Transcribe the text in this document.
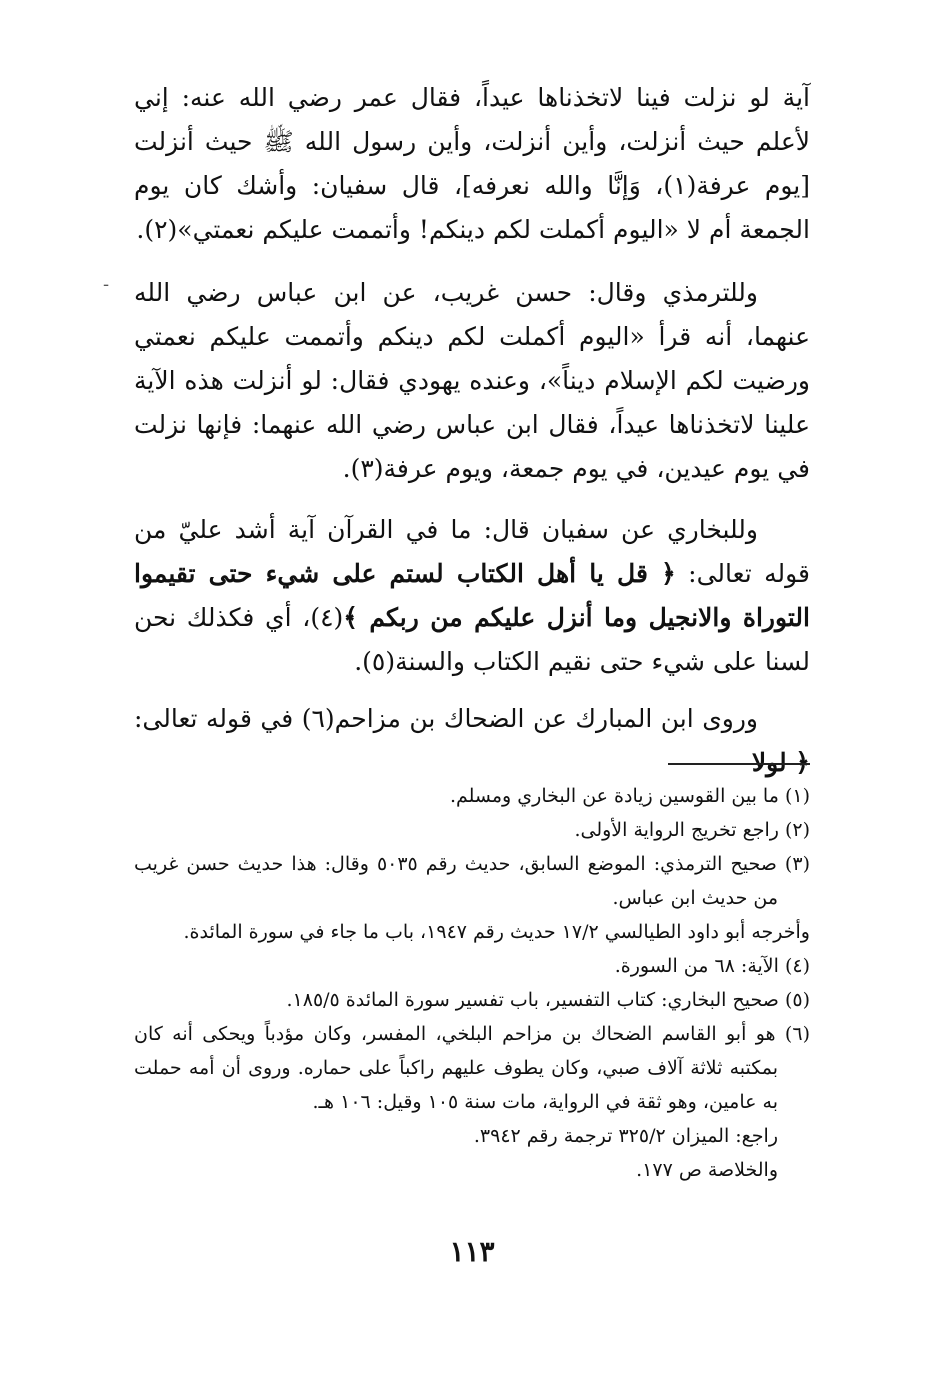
آية لو نزلت فينا لاتخذناها عيداً، فقال عمر رضي الله عنه: إني لأعلم حيث أنزلت، وأين أنزلت، وأين رسول الله ﷺ حيث أنزلت [يوم عرفة(١)، وَإنَّا والله نعرفه]، قال سفيان: وأشك كان يوم الجمعة أم لا «اليوم أكملت لكم دينكم! وأتممت عليكم نعمتي»(٢).

- وللترمذي وقال: حسن غريب، عن ابن عباس رضي الله عنهما، أنه قرأ «اليوم أكملت لكم دينكم وأتممت عليكم نعمتي ورضيت لكم الإسلام ديناً»، وعنده يهودي فقال: لو أنزلت هذه الآية علينا لاتخذناها عيداً، فقال ابن عباس رضي الله عنهما: فإنها نزلت في يوم عيدين، في يوم جمعة، ويوم عرفة(٣).

وللبخاري عن سفيان قال: ما في القرآن آية أشد عليّ من قوله تعالى: ﴿ قل يا أهل الكتاب لستم على شيء حتى تقيموا التوراة والانجيل وما أنزل عليكم من ربكم ﴾(٤)، أي فكذلك نحن لسنا على شيء حتى نقيم الكتاب والسنة(٥).

وروى ابن المبارك عن الضحاك بن مزاحم(٦) في قوله تعالى: ﴿ لولا

(١) ما بين القوسين زيادة عن البخاري ومسلم.

(٢) راجع تخريج الرواية الأولى.

(٣) صحيح الترمذي: الموضع السابق، حديث رقم ٥٠٣٥ وقال: هذا حديث حسن غريب من حديث ابن عباس.

وأخرجه أبو داود الطيالسي ١٧/٢ حديث رقم ١٩٤٧، باب ما جاء في سورة المائدة.

(٤) الآية: ٦٨ من السورة.

(٥) صحيح البخاري: كتاب التفسير، باب تفسير سورة المائدة ١٨٥/٥.

(٦) هو أبو القاسم الضحاك بن مزاحم البلخي، المفسر، وكان مؤدباً ويحكى أنه كان بمكتبه ثلاثة آلاف صبي، وكان يطوف عليهم راكباً على حماره. وروى أن أمه حملت به عامين، وهو ثقة في الرواية، مات سنة ١٠٥ وقيل: ١٠٦ هـ.

راجع: الميزان ٣٢٥/٢ ترجمة رقم ٣٩٤٢.

والخلاصة ص ١٧٧.

١١٣
